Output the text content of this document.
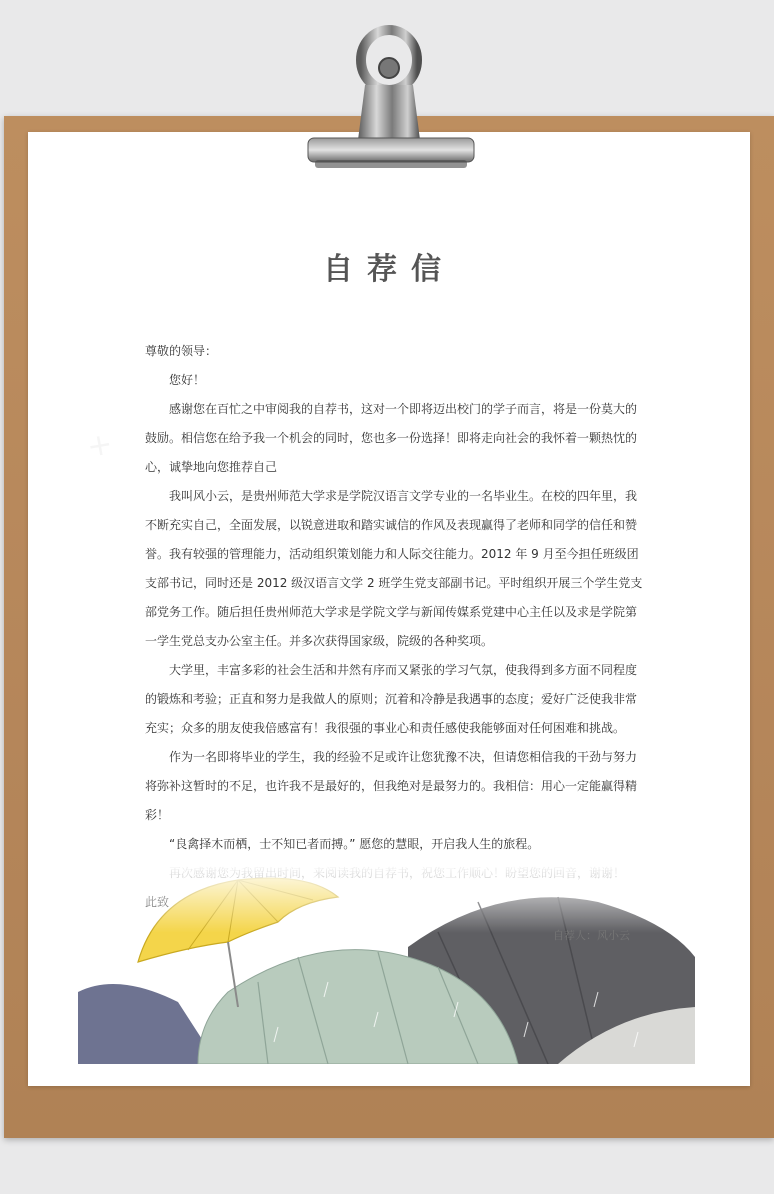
自荐信

尊敬的领导：

您好！

感谢您在百忙之中审阅我的自荐书，这对一个即将迈出校门的学子而言，将是一份莫大的鼓励。相信您在给予我一个机会的同时，您也多一份选择！即将走向社会的我怀着一颗热忱的心，诚挚地向您推荐自己

我叫风小云，是贵州师范大学求是学院汉语言文学专业的一名毕业生。在校的四年里，我不断充实自己，全面发展，以锐意进取和踏实诚信的作风及表现赢得了老师和同学的信任和赞誉。我有较强的管理能力，活动组织策划能力和人际交往能力。2012 年 9 月至今担任班级团支部书记，同时还是 2012 级汉语言文学 2 班学生党支部副书记。平时组织开展三个学生党支部党务工作。随后担任贵州师范大学求是学院文学与新闻传媒系党建中心主任以及求是学院第一学生党总支办公室主任。并多次获得国家级，院级的各种奖项。

大学里，丰富多彩的社会生活和井然有序而又紧张的学习气氛，使我得到多方面不同程度的锻炼和考验；正直和努力是我做人的原则；沉着和冷静是我遇事的态度；爱好广泛使我非常充实；众多的朋友使我倍感富有！我很强的事业心和责任感使我能够面对任何困难和挑战。

作为一名即将毕业的学生，我的经验不足或许让您犹豫不决，但请您相信我的干劲与努力将弥补这暂时的不足，也许我不是最好的，但我绝对是最努力的。我相信：用心一定能赢得精彩！

“良禽择木而栖，士不知已者而搏。” 愿您的慧眼，开启我人生的旅程。

自荐人：风小云
